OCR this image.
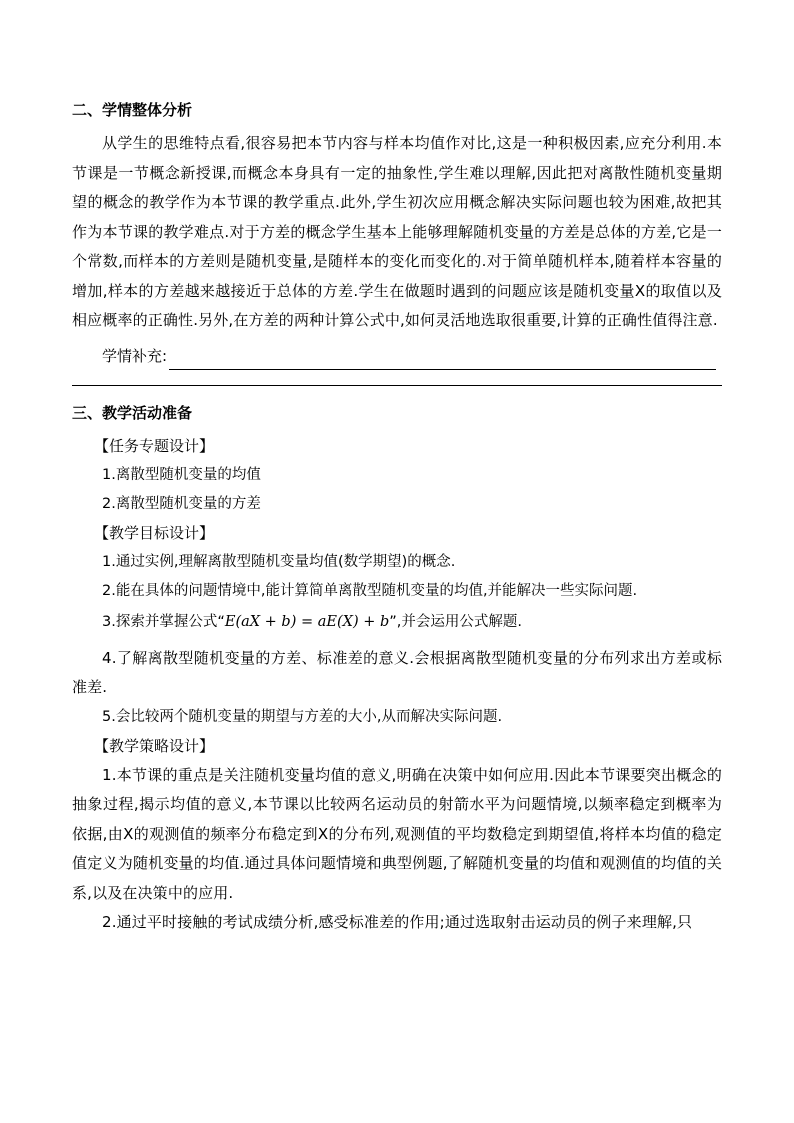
二、学情整体分析

从学生的思维特点看,很容易把本节内容与样本均值作对比,这是一种积极因素,应充分利用.本节课是一节概念新授课,而概念本身具有一定的抽象性,学生难以理解,因此把对离散性随机变量期望的概念的教学作为本节课的教学重点.此外,学生初次应用概念解决实际问题也较为困难,故把其作为本节课的教学难点.对于方差的概念学生基本上能够理解随机变量的方差是总体的方差,它是一个常数,而样本的方差则是随机变量,是随样本的变化而变化的.对于简单随机样本,随着样本容量的增加,样本的方差越来越接近于总体的方差.学生在做题时遇到的问题应该是随机变量X的取值以及相应概率的正确性.另外,在方差的两种计算公式中,如何灵活地选取很重要,计算的正确性值得注意.

学情补充:

三、教学活动准备

【任务专题设计】

1.离散型随机变量的均值

2.离散型随机变量的方差

【教学目标设计】

1.通过实例,理解离散型随机变量均值(数学期望)的概念.

2.能在具体的问题情境中,能计算简单离散型随机变量的均值,并能解决一些实际问题.

3.探索并掌握公式“E(aX + b) = aE(X) + b”,并会运用公式解题.

4.了解离散型随机变量的方差、标准差的意义.会根据离散型随机变量的分布列求出方差或标准差.

5.会比较两个随机变量的期望与方差的大小,从而解决实际问题.

【教学策略设计】

1.本节课的重点是关注随机变量均值的意义,明确在决策中如何应用.因此本节课要突出概念的抽象过程,揭示均值的意义,本节课以比较两名运动员的射箭水平为问题情境,以频率稳定到概率为依据,由X的观测值的频率分布稳定到X的分布列,观测值的平均数稳定到期望值,将样本均值的稳定值定义为随机变量的均值.通过具体问题情境和典型例题,了解随机变量的均值和观测值的均值的关系,以及在决策中的应用.

2.通过平时接触的考试成绩分析,感受标准差的作用;通过选取射击运动员的例子来理解,只
